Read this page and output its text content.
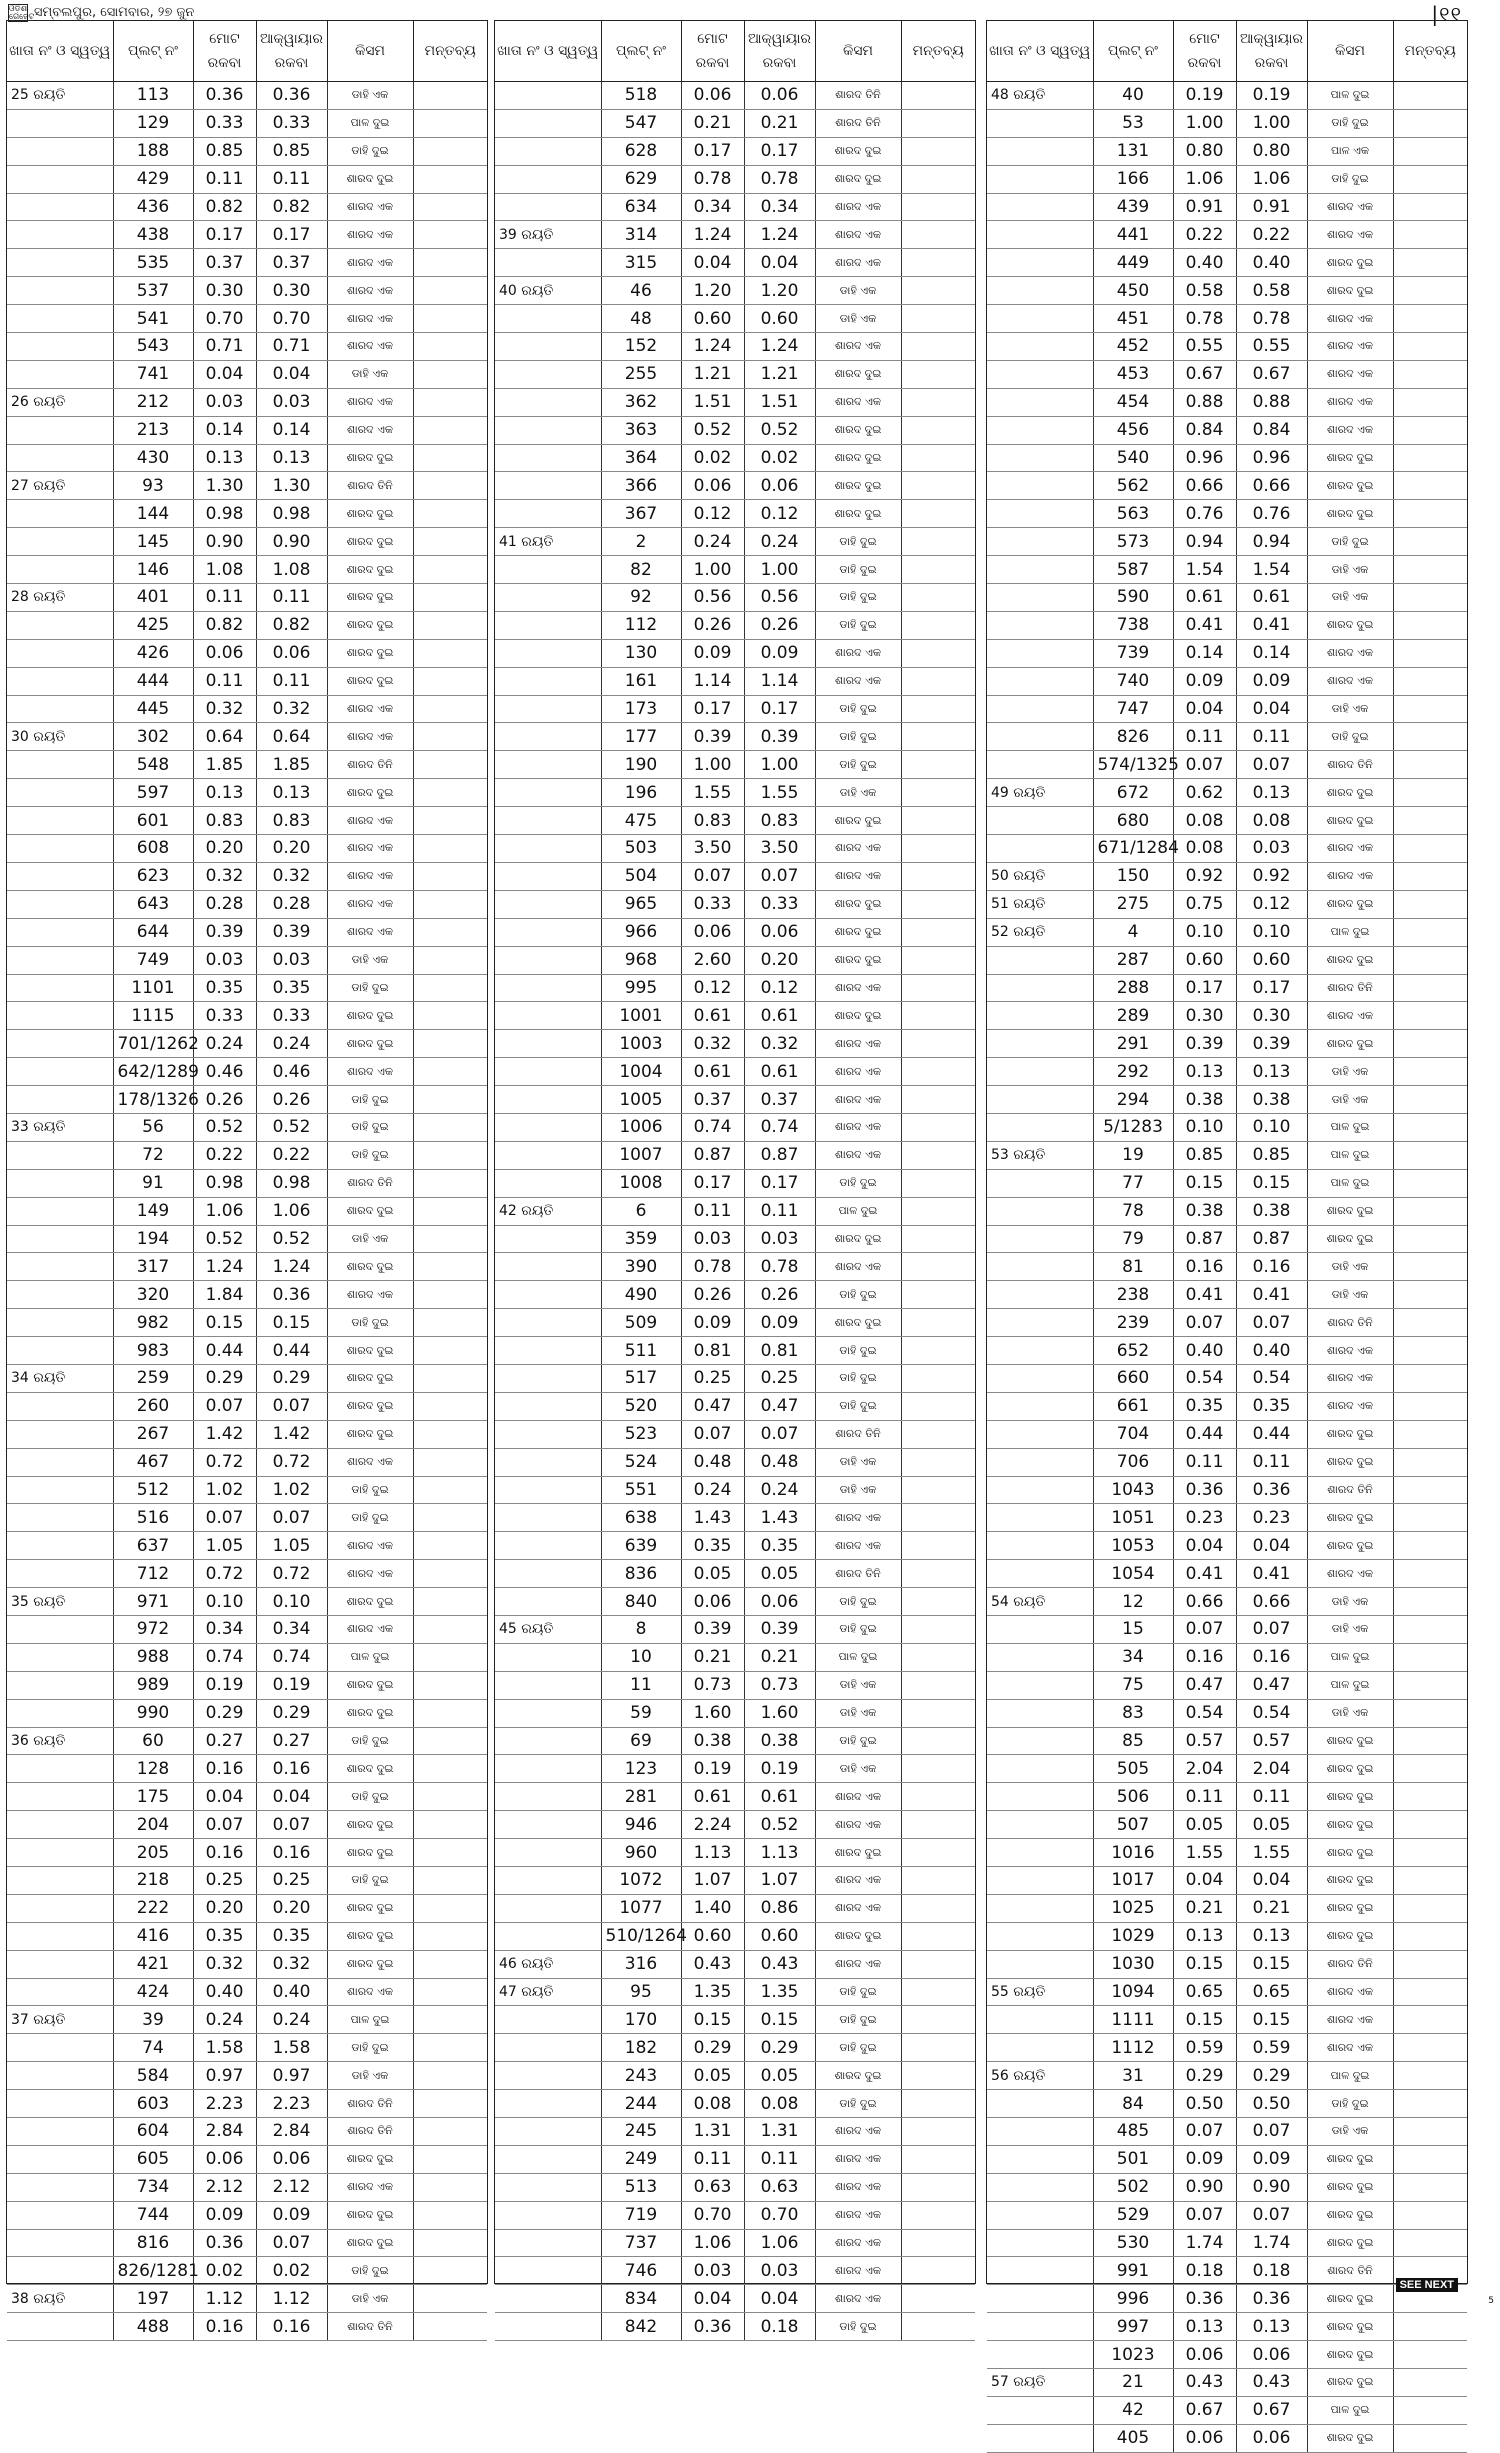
ଓଡ଼ିଶା ଗେଜେଟ ସମ୍ବଲପୁର, ସୋମବାର, ୨୭ ଜୁନ	|୧୧
ଖାତା ନଂ ଓ ସ୍ୱତ୍ୱ	ପ୍ଲଟ୍ ନଂ	ମୋଟ ରକବା	ଆକ୍ୱାୟାର ରକବା	କିସମ	ମନ୍ତବ୍ୟ
25 ରୟତି	113	0.36	0.36	ଡାହି ଏକ	
	129	0.33	0.33	ପାଳ ଦୁଇ	
	188	0.85	0.85	ଡାହି ଦୁଇ	
	429	0.11	0.11	ଶାରଦ ଦୁଇ	
	436	0.82	0.82	ଶାରଦ ଏକ	
	438	0.17	0.17	ଶାରଦ ଏକ	
	535	0.37	0.37	ଶାରଦ ଏକ	
	537	0.30	0.30	ଶାରଦ ଏକ	
	541	0.70	0.70	ଶାରଦ ଏକ	
	543	0.71	0.71	ଶାରଦ ଏକ	
	741	0.04	0.04	ଡାହି ଏକ	
26 ରୟତି	212	0.03	0.03	ଶାରଦ ଏକ	
	213	0.14	0.14	ଶାରଦ ଏକ	
	430	0.13	0.13	ଶାରଦ ଦୁଇ	
27 ରୟତି	93	1.30	1.30	ଶାରଦ ତିନି	
	144	0.98	0.98	ଶାରଦ ଦୁଇ	
	145	0.90	0.90	ଶାରଦ ଦୁଇ	
	146	1.08	1.08	ଶାରଦ ଦୁଇ	
28 ରୟତି	401	0.11	0.11	ଶାରଦ ଦୁଇ	
	425	0.82	0.82	ଶାରଦ ଦୁଇ	
	426	0.06	0.06	ଶାରଦ ଦୁଇ	
	444	0.11	0.11	ଶାରଦ ଦୁଇ	
	445	0.32	0.32	ଶାରଦ ଏକ	
30 ରୟତି	302	0.64	0.64	ଶାରଦ ଏକ	
	548	1.85	1.85	ଶାରଦ ତିନି	
	597	0.13	0.13	ଶାରଦ ଦୁଇ	
	601	0.83	0.83	ଶାରଦ ଏକ	
	608	0.20	0.20	ଶାରଦ ଏକ	
	623	0.32	0.32	ଶାରଦ ଏକ	
	643	0.28	0.28	ଶାରଦ ଏକ	
	644	0.39	0.39	ଶାରଦ ଏକ	
	749	0.03	0.03	ଡାହି ଏକ	
	1101	0.35	0.35	ଡାହି ଦୁଇ	
	1115	0.33	0.33	ଶାରଦ ଦୁଇ	
	701/1262	0.24	0.24	ଶାରଦ ଦୁଇ	
	642/1289	0.46	0.46	ଶାରଦ ଏକ	
	178/1326	0.26	0.26	ଡାହି ଦୁଇ	
33 ରୟତି	56	0.52	0.52	ଡାହି ଦୁଇ	
	72	0.22	0.22	ଡାହି ଦୁଇ	
	91	0.98	0.98	ଶାରଦ ତିନି	
	149	1.06	1.06	ଶାରଦ ଦୁଇ	
	194	0.52	0.52	ଡାହି ଏକ	
	317	1.24	1.24	ଶାରଦ ଦୁଇ	
	320	1.84	0.36	ଶାରଦ ଏକ	
	982	0.15	0.15	ଡାହି ଦୁଇ	
	983	0.44	0.44	ଶାରଦ ଦୁଇ	
34 ରୟତି	259	0.29	0.29	ଶାରଦ ଦୁଇ	
	260	0.07	0.07	ଶାରଦ ଦୁଇ	
	267	1.42	1.42	ଶାରଦ ଦୁଇ	
	467	0.72	0.72	ଶାରଦ ଏକ	
	512	1.02	1.02	ଡାହି ଦୁଇ	
	516	0.07	0.07	ଡାହି ଦୁଇ	
	637	1.05	1.05	ଶାରଦ ଏକ	
	712	0.72	0.72	ଶାରଦ ଏକ	
35 ରୟତି	971	0.10	0.10	ଶାରଦ ଦୁଇ	
	972	0.34	0.34	ଶାରଦ ଏକ	
	988	0.74	0.74	ପାଳ ଦୁଇ	
	989	0.19	0.19	ଶାରଦ ଦୁଇ	
	990	0.29	0.29	ଶାରଦ ଦୁଇ	
36 ରୟତି	60	0.27	0.27	ଡାହି ଦୁଇ	
	128	0.16	0.16	ଶାରଦ ଦୁଇ	
	175	0.04	0.04	ଡାହି ଦୁଇ	
	204	0.07	0.07	ଶାରଦ ଦୁଇ	
	205	0.16	0.16	ଶାରଦ ଦୁଇ	
	218	0.25	0.25	ଡାହି ଦୁଇ	
	222	0.20	0.20	ଶାରଦ ଦୁଇ	
	416	0.35	0.35	ଶାରଦ ଦୁଇ	
	421	0.32	0.32	ଶାରଦ ଦୁଇ	
	424	0.40	0.40	ଶାରଦ ଏକ	
37 ରୟତି	39	0.24	0.24	ପାଳ ଦୁଇ	
	74	1.58	1.58	ଡାହି ଦୁଇ	
	584	0.97	0.97	ଡାହି ଏକ	
	603	2.23	2.23	ଶାରଦ ତିନି	
	604	2.84	2.84	ଶାରଦ ତିନି	
	605	0.06	0.06	ଶାରଦ ଦୁଇ	
	734	2.12	2.12	ଶାରଦ ଏକ	
	744	0.09	0.09	ଶାରଦ ଦୁଇ	
	816	0.36	0.07	ଶାରଦ ଦୁଇ	
	826/1281	0.02	0.02	ଡାହି ଦୁଇ	
38 ରୟତି	197	1.12	1.12	ଡାହି ଏକ	
	488	0.16	0.16	ଶାରଦ ତିନି	
ଖାତା ନଂ ଓ ସ୍ୱତ୍ୱ	ପ୍ଲଟ୍ ନଂ	ମୋଟ ରକବା	ଆକ୍ୱାୟାର ରକବା	କିସମ	ମନ୍ତବ୍ୟ
	518	0.06	0.06	ଶାରଦ ତିନି	
	547	0.21	0.21	ଶାରଦ ତିନି	
	628	0.17	0.17	ଶାରଦ ଦୁଇ	
	629	0.78	0.78	ଶାରଦ ଦୁଇ	
	634	0.34	0.34	ଶାରଦ ଏକ	
39 ରୟତି	314	1.24	1.24	ଶାରଦ ଏକ	
	315	0.04	0.04	ଶାରଦ ଏକ	
40 ରୟତି	46	1.20	1.20	ଡାହି ଏକ	
	48	0.60	0.60	ଡାହି ଏକ	
	152	1.24	1.24	ଶାରଦ ଏକ	
	255	1.21	1.21	ଶାରଦ ଦୁଇ	
	362	1.51	1.51	ଶାରଦ ଏକ	
	363	0.52	0.52	ଶାରଦ ଦୁଇ	
	364	0.02	0.02	ଶାରଦ ଦୁଇ	
	366	0.06	0.06	ଶାରଦ ଦୁଇ	
	367	0.12	0.12	ଶାରଦ ଦୁଇ	
41 ରୟତି	2	0.24	0.24	ଡାହି ଦୁଇ	
	82	1.00	1.00	ଡାହି ଦୁଇ	
	92	0.56	0.56	ଡାହି ଦୁଇ	
	112	0.26	0.26	ଡାହି ଦୁଇ	
	130	0.09	0.09	ଶାରଦ ଏକ	
	161	1.14	1.14	ଶାରଦ ଏକ	
	173	0.17	0.17	ଡାହି ଦୁଇ	
	177	0.39	0.39	ଡାହି ଦୁଇ	
	190	1.00	1.00	ଡାହି ଦୁଇ	
	196	1.55	1.55	ଡାହି ଏକ	
	475	0.83	0.83	ଶାରଦ ଦୁଇ	
	503	3.50	3.50	ଶାରଦ ଏକ	
	504	0.07	0.07	ଶାରଦ ଏକ	
	965	0.33	0.33	ଶାରଦ ଦୁଇ	
	966	0.06	0.06	ଶାରଦ ଦୁଇ	
	968	2.60	0.20	ଶାରଦ ଦୁଇ	
	995	0.12	0.12	ଶାରଦ ଏକ	
	1001	0.61	0.61	ଶାରଦ ଦୁଇ	
	1003	0.32	0.32	ଶାରଦ ଏକ	
	1004	0.61	0.61	ଶାରଦ ଏକ	
	1005	0.37	0.37	ଶାରଦ ଏକ	
	1006	0.74	0.74	ଶାରଦ ଏକ	
	1007	0.87	0.87	ଶାରଦ ଏକ	
	1008	0.17	0.17	ଡାହି ଦୁଇ	
42 ରୟତି	6	0.11	0.11	ପାଳ ଦୁଇ	
	359	0.03	0.03	ଶାରଦ ଦୁଇ	
	390	0.78	0.78	ଶାରଦ ଏକ	
	490	0.26	0.26	ଡାହି ଦୁଇ	
	509	0.09	0.09	ଶାରଦ ଦୁଇ	
	511	0.81	0.81	ଡାହି ଦୁଇ	
	517	0.25	0.25	ଡାହି ଦୁଇ	
	520	0.47	0.47	ଡାହି ଦୁଇ	
	523	0.07	0.07	ଶାରଦ ତିନି	
	524	0.48	0.48	ଡାହି ଏକ	
	551	0.24	0.24	ଡାହି ଏକ	
	638	1.43	1.43	ଶାରଦ ଏକ	
	639	0.35	0.35	ଶାରଦ ଏକ	
	836	0.05	0.05	ଶାରଦ ତିନି	
	840	0.06	0.06	ଡାହି ଦୁଇ	
45 ରୟତି	8	0.39	0.39	ଡାହି ଦୁଇ	
	10	0.21	0.21	ପାଳ ଦୁଇ	
	11	0.73	0.73	ଡାହି ଏକ	
	59	1.60	1.60	ଡାହି ଏକ	
	69	0.38	0.38	ଡାହି ଦୁଇ	
	123	0.19	0.19	ଡାହି ଏକ	
	281	0.61	0.61	ଶାରଦ ଏକ	
	946	2.24	0.52	ଶାରଦ ଏକ	
	960	1.13	1.13	ଶାରଦ ଦୁଇ	
	1072	1.07	1.07	ଶାରଦ ଏକ	
	1077	1.40	0.86	ଶାରଦ ଏକ	
	510/1264	0.60	0.60	ଶାରଦ ଦୁଇ	
46 ରୟତି	316	0.43	0.43	ଶାରଦ ଏକ	
47 ରୟତି	95	1.35	1.35	ଡାହି ଦୁଇ	
	170	0.15	0.15	ଡାହି ଦୁଇ	
	182	0.29	0.29	ଡାହି ଦୁଇ	
	243	0.05	0.05	ଶାରଦ ଦୁଇ	
	244	0.08	0.08	ଡାହି ଦୁଇ	
	245	1.31	1.31	ଶାରଦ ଏକ	
	249	0.11	0.11	ଶାରଦ ଏକ	
	513	0.63	0.63	ଶାରଦ ଏକ	
	719	0.70	0.70	ଶାରଦ ଏକ	
	737	1.06	1.06	ଶାରଦ ଏକ	
	746	0.03	0.03	ଶାରଦ ଏକ	
	834	0.04	0.04	ଶାରଦ ଏକ	
	842	0.36	0.18	ଡାହି ଦୁଇ	
ଖାତା ନଂ ଓ ସ୍ୱତ୍ୱ	ପ୍ଲଟ୍ ନଂ	ମୋଟ ରକବା	ଆକ୍ୱାୟାର ରକବା	କିସମ	ମନ୍ତବ୍ୟ
48 ରୟତି	40	0.19	0.19	ପାଳ ଦୁଇ	
	53	1.00	1.00	ଡାହି ଦୁଇ	
	131	0.80	0.80	ପାଳ ଏକ	
	166	1.06	1.06	ଡାହି ଦୁଇ	
	439	0.91	0.91	ଶାରଦ ଏକ	
	441	0.22	0.22	ଶାରଦ ଏକ	
	449	0.40	0.40	ଶାରଦ ଦୁଇ	
	450	0.58	0.58	ଶାରଦ ଦୁଇ	
	451	0.78	0.78	ଶାରଦ ଏକ	
	452	0.55	0.55	ଶାରଦ ଏକ	
	453	0.67	0.67	ଶାରଦ ଏକ	
	454	0.88	0.88	ଶାରଦ ଏକ	
	456	0.84	0.84	ଶାରଦ ଏକ	
	540	0.96	0.96	ଶାରଦ ଦୁଇ	
	562	0.66	0.66	ଶାରଦ ଦୁଇ	
	563	0.76	0.76	ଶାରଦ ଦୁଇ	
	573	0.94	0.94	ଡାହି ଦୁଇ	
	587	1.54	1.54	ଡାହି ଏକ	
	590	0.61	0.61	ଡାହି ଏକ	
	738	0.41	0.41	ଶାରଦ ଦୁଇ	
	739	0.14	0.14	ଶାରଦ ଏକ	
	740	0.09	0.09	ଶାରଦ ଏକ	
	747	0.04	0.04	ଡାହି ଏକ	
	826	0.11	0.11	ଡାହି ଦୁଇ	
	574/1325	0.07	0.07	ଶାରଦ ତିନି	
49 ରୟତି	672	0.62	0.13	ଶାରଦ ଦୁଇ	
	680	0.08	0.08	ଶାରଦ ଦୁଇ	
	671/1284	0.08	0.03	ଶାରଦ ଏକ	
50 ରୟତି	150	0.92	0.92	ଶାରଦ ଏକ	
51 ରୟତି	275	0.75	0.12	ଶାରଦ ଦୁଇ	
52 ରୟତି	4	0.10	0.10	ପାଳ ଦୁଇ	
	287	0.60	0.60	ଶାରଦ ଦୁଇ	
	288	0.17	0.17	ଶାରଦ ତିନି	
	289	0.30	0.30	ଶାରଦ ଏକ	
	291	0.39	0.39	ଶାରଦ ଦୁଇ	
	292	0.13	0.13	ଡାହି ଏକ	
	294	0.38	0.38	ଡାହି ଏକ	
	5/1283	0.10	0.10	ପାଳ ଦୁଇ	
53 ରୟତି	19	0.85	0.85	ପାଳ ଦୁଇ	
	77	0.15	0.15	ପାଳ ଦୁଇ	
	78	0.38	0.38	ଶାରଦ ଦୁଇ	
	79	0.87	0.87	ଶାରଦ ଦୁଇ	
	81	0.16	0.16	ଡାହି ଏକ	
	238	0.41	0.41	ଡାହି ଏକ	
	239	0.07	0.07	ଶାରଦ ତିନି	
	652	0.40	0.40	ଶାରଦ ଏକ	
	660	0.54	0.54	ଶାରଦ ଏକ	
	661	0.35	0.35	ଶାରଦ ଏକ	
	704	0.44	0.44	ଶାରଦ ଦୁଇ	
	706	0.11	0.11	ଶାରଦ ଦୁଇ	
	1043	0.36	0.36	ଶାରଦ ତିନି	
	1051	0.23	0.23	ଶାରଦ ଦୁଇ	
	1053	0.04	0.04	ଶାରଦ ଦୁଇ	
	1054	0.41	0.41	ଶାରଦ ଏକ	
54 ରୟତି	12	0.66	0.66	ଡାହି ଏକ	
	15	0.07	0.07	ଡାହି ଏକ	
	34	0.16	0.16	ପାଳ ଦୁଇ	
	75	0.47	0.47	ପାଳ ଦୁଇ	
	83	0.54	0.54	ଡାହି ଏକ	
	85	0.57	0.57	ଶାରଦ ଦୁଇ	
	505	2.04	2.04	ଶାରଦ ଦୁଇ	
	506	0.11	0.11	ଶାରଦ ଦୁଇ	
	507	0.05	0.05	ଶାରଦ ଦୁଇ	
	1016	1.55	1.55	ଶାରଦ ଦୁଇ	
	1017	0.04	0.04	ଶାରଦ ଦୁଇ	
	1025	0.21	0.21	ଶାରଦ ଦୁଇ	
	1029	0.13	0.13	ଶାରଦ ଦୁଇ	
	1030	0.15	0.15	ଶାରଦ ତିନି	
55 ରୟତି	1094	0.65	0.65	ଶାରଦ ଏକ	
	1111	0.15	0.15	ଶାରଦ ଏକ	
	1112	0.59	0.59	ଶାରଦ ଏକ	
56 ରୟତି	31	0.29	0.29	ପାଳ ଦୁଇ	
	84	0.50	0.50	ଡାହି ଦୁଇ	
	485	0.07	0.07	ଡାହି ଏକ	
	501	0.09	0.09	ଶାରଦ ଦୁଇ	
	502	0.90	0.90	ଶାରଦ ଦୁଇ	
	529	0.07	0.07	ଶାରଦ ଦୁଇ	
	530	1.74	1.74	ଶାରଦ ଦୁଇ	
	991	0.18	0.18	ଶାରଦ ତିନି	
	996	0.36	0.36	ଶାରଦ ଦୁଇ	
	997	0.13	0.13	ଶାରଦ ଦୁଇ	
	1023	0.06	0.06	ଶାରଦ ଦୁଇ	
57 ରୟତି	21	0.43	0.43	ଶାରଦ ଦୁଇ	
	42	0.67	0.67	ପାଳ ଦୁଇ	
	405	0.06	0.06	ଶାରଦ ଦୁଇ	
SEE NEXT
5
